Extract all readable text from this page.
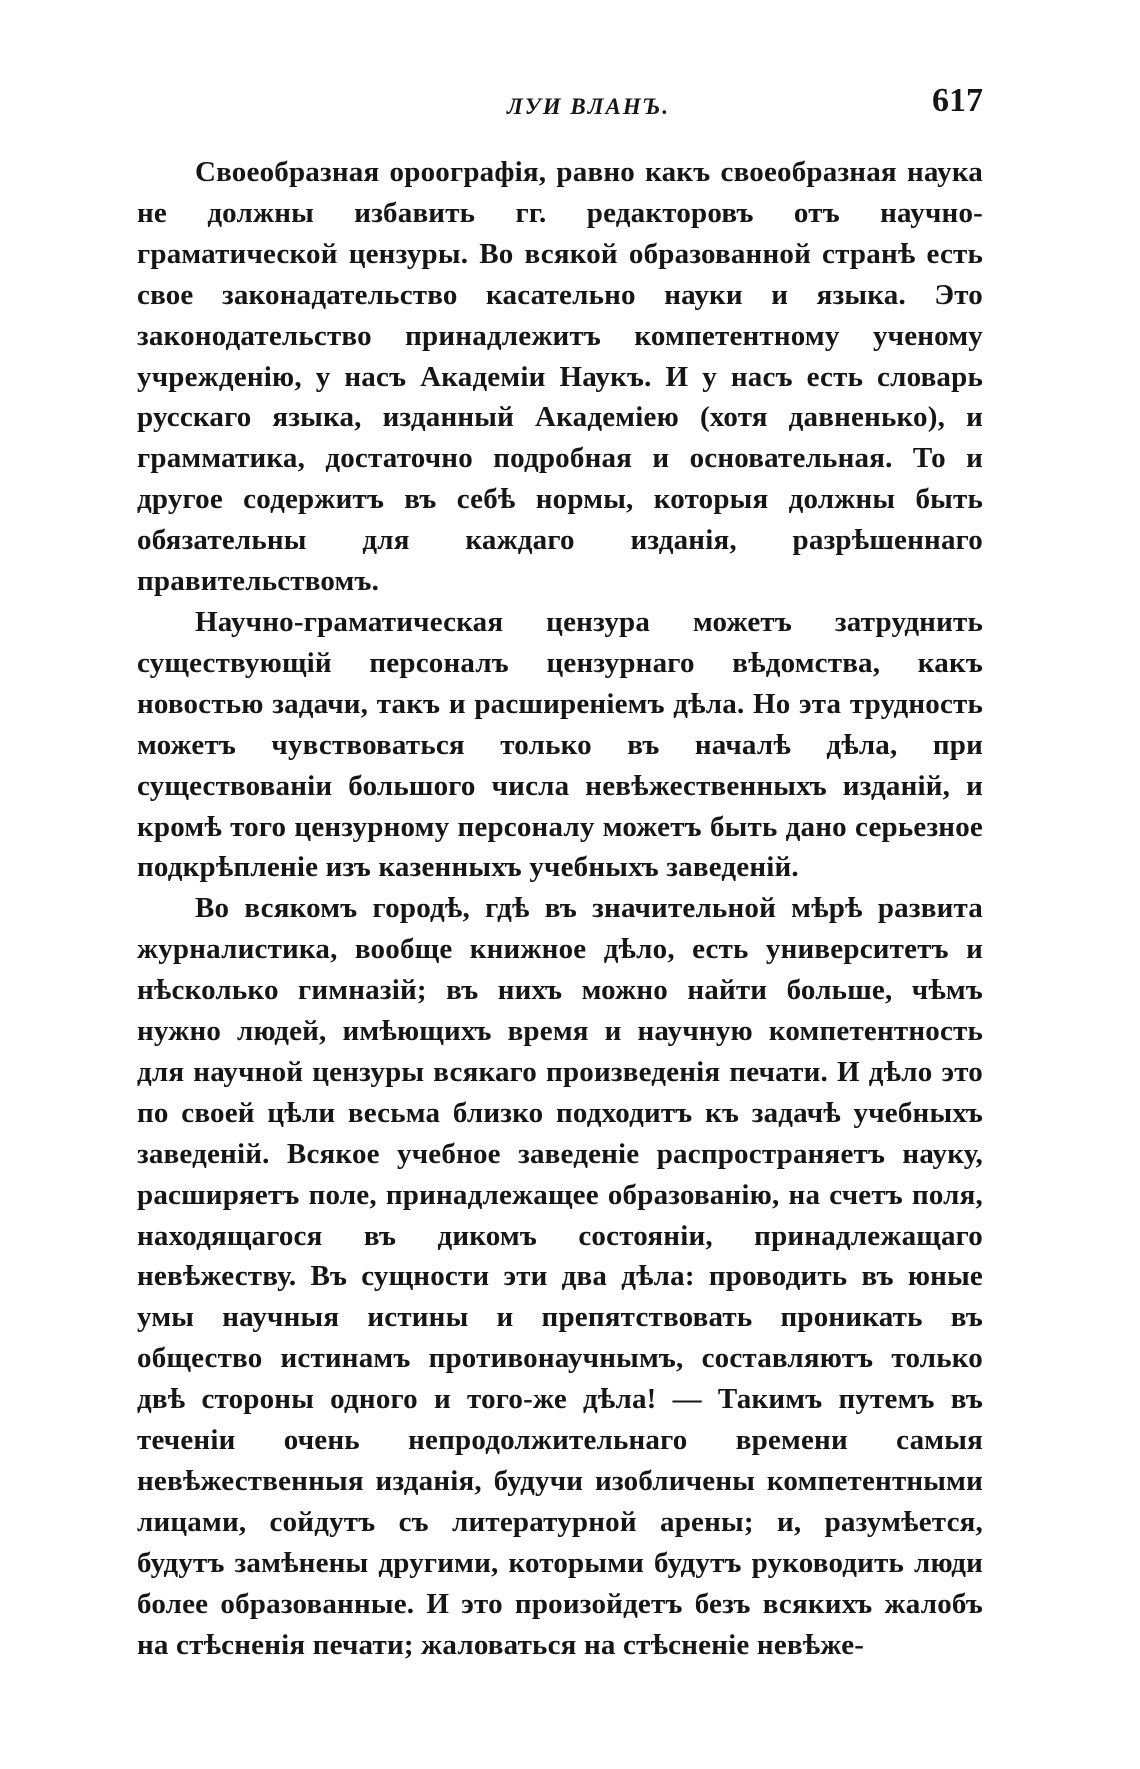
ЛУИ ВЛАНЪ.	617

Своеобразная ороографія, равно какъ своеобразная наука не должны избавить гг. редакторовъ отъ научно-граматической цензуры. Во всякой образованной странѣ есть свое законадательство касательно науки и языка. Это законодательство принадлежитъ компетентному ученому учрежденію, у насъ Академіи Наукъ. И у насъ есть словарь русскаго языка, изданный Академіею (хотя давненько), и грамматика, достаточно подробная и основательная. То и другое содержитъ въ себѣ нормы, которыя должны быть обязательны для каждаго изданія, разрѣшеннаго правительствомъ.

Научно-граматическая цензура можетъ затруднить существующій персоналъ цензурнаго вѣдомства, какъ новостью задачи, такъ и расширеніемъ дѣла. Но эта трудность можетъ чувствоваться только въ началѣ дѣла, при существованіи большого числа невѣжественныхъ изданій, и кромѣ того цензурному персоналу можетъ быть дано серьезное подкрѣпленіе изъ казенныхъ учебныхъ заведеній.

Во всякомъ городѣ, гдѣ въ значительной мѣрѣ развита журналистика, вообще книжное дѣло, есть университетъ и нѣсколько гимназій; въ нихъ можно найти больше, чѣмъ нужно людей, имѣющихъ время и научную компетентность для научной цензуры всякаго произведенія печати. И дѣло это по своей цѣли весьма близко подходитъ къ задачѣ учебныхъ заведеній. Всякое учебное заведеніе распространяетъ науку, расширяетъ поле, принадлежащее образованію, на счетъ поля, находящагося въ дикомъ состояніи, принадлежащаго невѣжеству. Въ сущности эти два дѣла: проводить въ юные умы научныя истины и препятствовать проникать въ общество истинамъ противонаучнымъ, составляютъ только двѣ стороны одного и того-же дѣла! — Такимъ путемъ въ теченіи очень непродолжительнаго времени самыя невѣжественныя изданія, будучи изобличены компетентными лицами, сойдутъ съ литературной арены; и, разумѣется, будутъ замѣнены другими, которыми будутъ руководить люди более образованные. И это произойдетъ безъ всякихъ жалобъ на стѣсненія печати; жаловаться на стѣсненіе невѣже-
